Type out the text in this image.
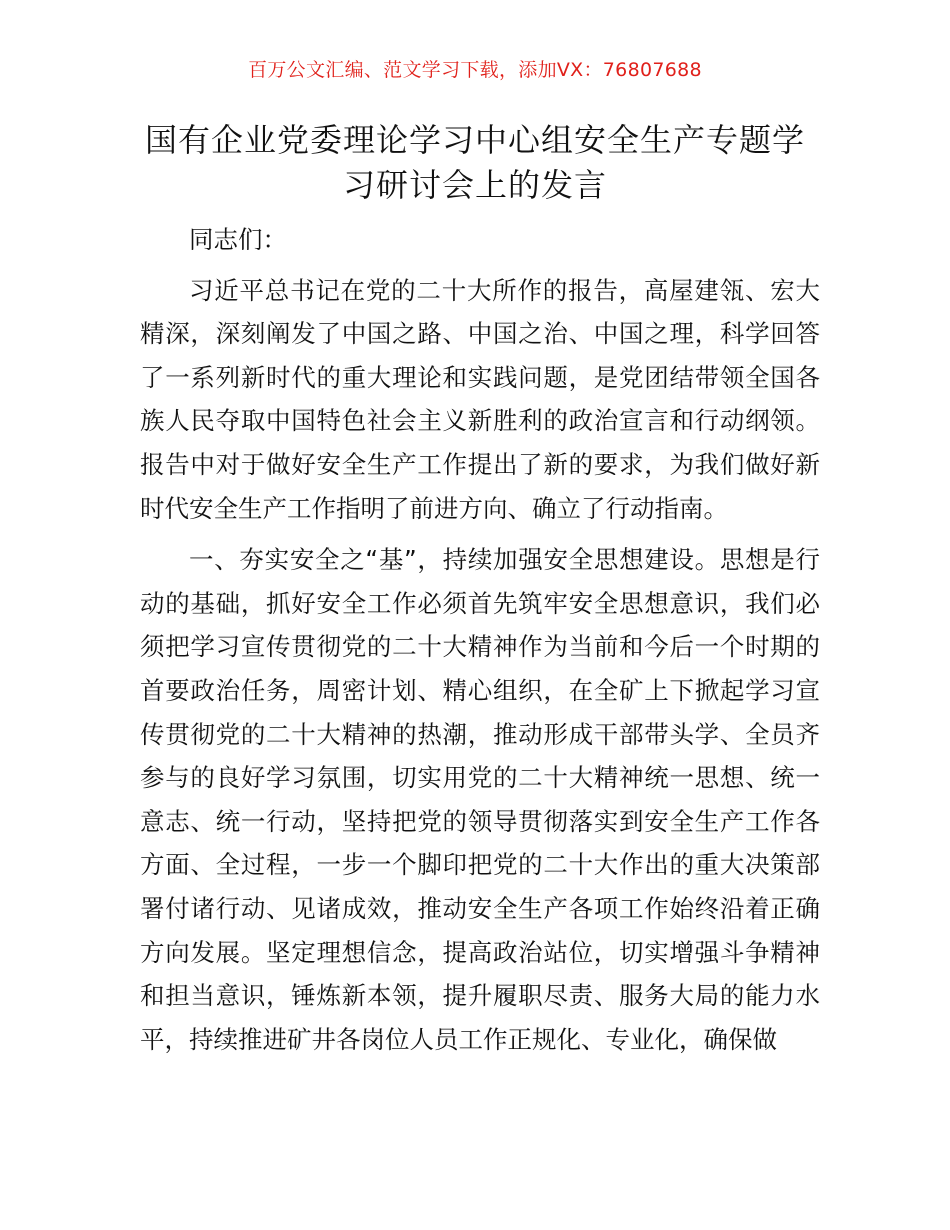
百万公文汇编、范文学习下载，添加VX：76807688
国有企业党委理论学习中心组安全生产专题学习研讨会上的发言

同志们：

习近平总书记在党的二十大所作的报告，高屋建瓴、宏大精深，深刻阐发了中国之路、中国之治、中国之理，科学回答了一系列新时代的重大理论和实践问题，是党团结带领全国各族人民夺取中国特色社会主义新胜利的政治宣言和行动纲领。报告中对于做好安全生产工作提出了新的要求，为我们做好新时代安全生产工作指明了前进方向、确立了行动指南。

一、夯实安全之“基”，持续加强安全思想建设。思想是行动的基础，抓好安全工作必须首先筑牢安全思想意识，我们必须把学习宣传贯彻党的二十大精神作为当前和今后一个时期的首要政治任务，周密计划、精心组织，在全矿上下掀起学习宣传贯彻党的二十大精神的热潮，推动形成干部带头学、全员齐参与的良好学习氛围，切实用党的二十大精神统一思想、统一意志、统一行动，坚持把党的领导贯彻落实到安全生产工作各方面、全过程，一步一个脚印把党的二十大作出的重大决策部署付诸行动、见诸成效，推动安全生产各项工作始终沿着正确方向发展。坚定理想信念，提高政治站位，切实增强斗争精神和担当意识，锤炼新本领，提升履职尽责、服务大局的能力水平，持续推进矿井各岗位人员工作正规化、专业化，确保做
